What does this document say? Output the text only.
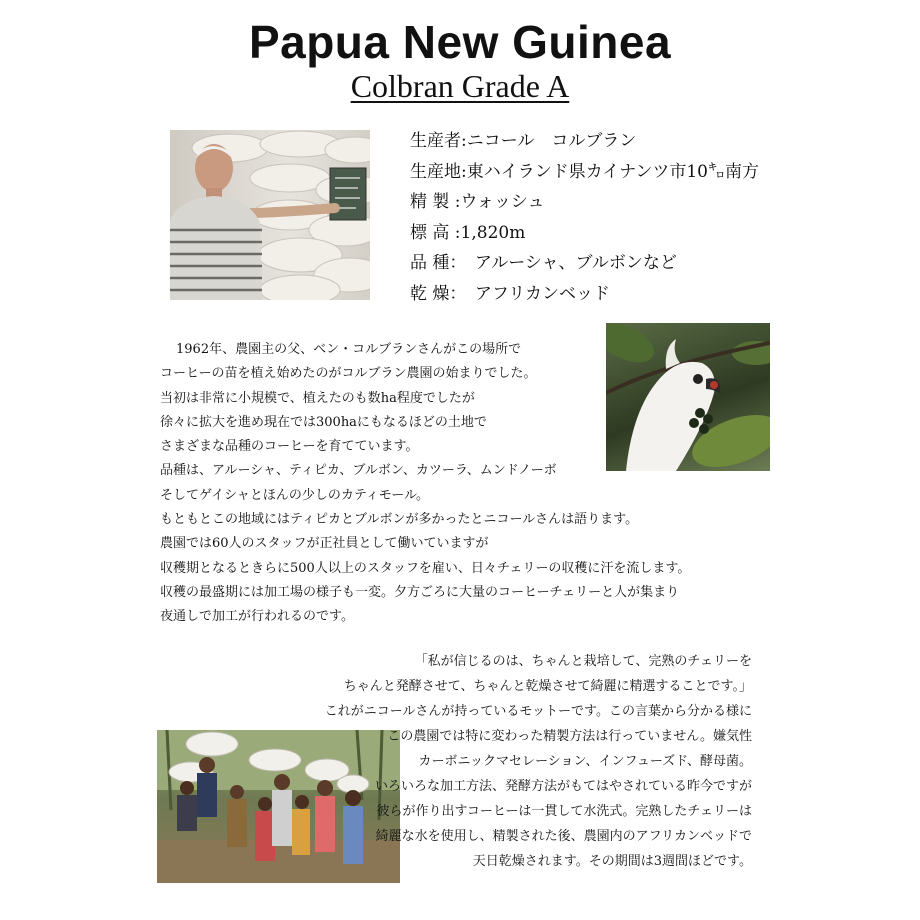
Papua New Guinea
Colbran Grade A
生産者:ニコール　コルブラン
生産地:東ハイランド県カイナンツ市10㌔南方
精 製 :ウォッシュ
標 高 :1,820m
品 種：　アルーシャ、ブルボンなど
乾 燥：　アフリカンベッド
1962年、農園主の父、ベン・コルブランさんがこの場所で
コーヒーの苗を植え始めたのがコルブラン農園の始まりでした。
当初は非常に小規模で、植えたのも数ha程度でしたが
徐々に拡大を進め現在では300haにもなるほどの土地で
さまざまな品種のコーヒーを育てています。
品種は、アルーシャ、ティピカ、ブルボン、カツーラ、ムンドノーボ
そしてゲイシャとほんの少しのカティモール。
もともとこの地域にはティピカとブルボンが多かったとニコールさんは語ります。
農園では60人のスタッフが正社員として働いていますが
収穫期となるときらに500人以上のスタッフを雇い、日々チェリーの収穫に汗を流します。
収穫の最盛期には加工場の様子も一変。夕方ごろに大量のコーヒーチェリーと人が集まり
夜通しで加工が行われるのです。
「私が信じるのは、ちゃんと栽培して、完熟のチェリーを
ちゃんと発酵させて、ちゃんと乾燥させて綺麗に精選することです。」
これがニコールさんが持っているモットーです。この言葉から分かる様に
この農園では特に変わった精製方法は行っていません。嫌気性
カーボニックマセレーション、インフューズド、酵母菌。
いろいろな加工方法、発酵方法がもてはやされている昨今ですが
彼らが作り出すコーヒーは一貫して水洗式。完熟したチェリーは
綺麗な水を使用し、精製された後、農園内のアフリカンベッドで
天日乾燥されます。その期間は3週間ほどです。
